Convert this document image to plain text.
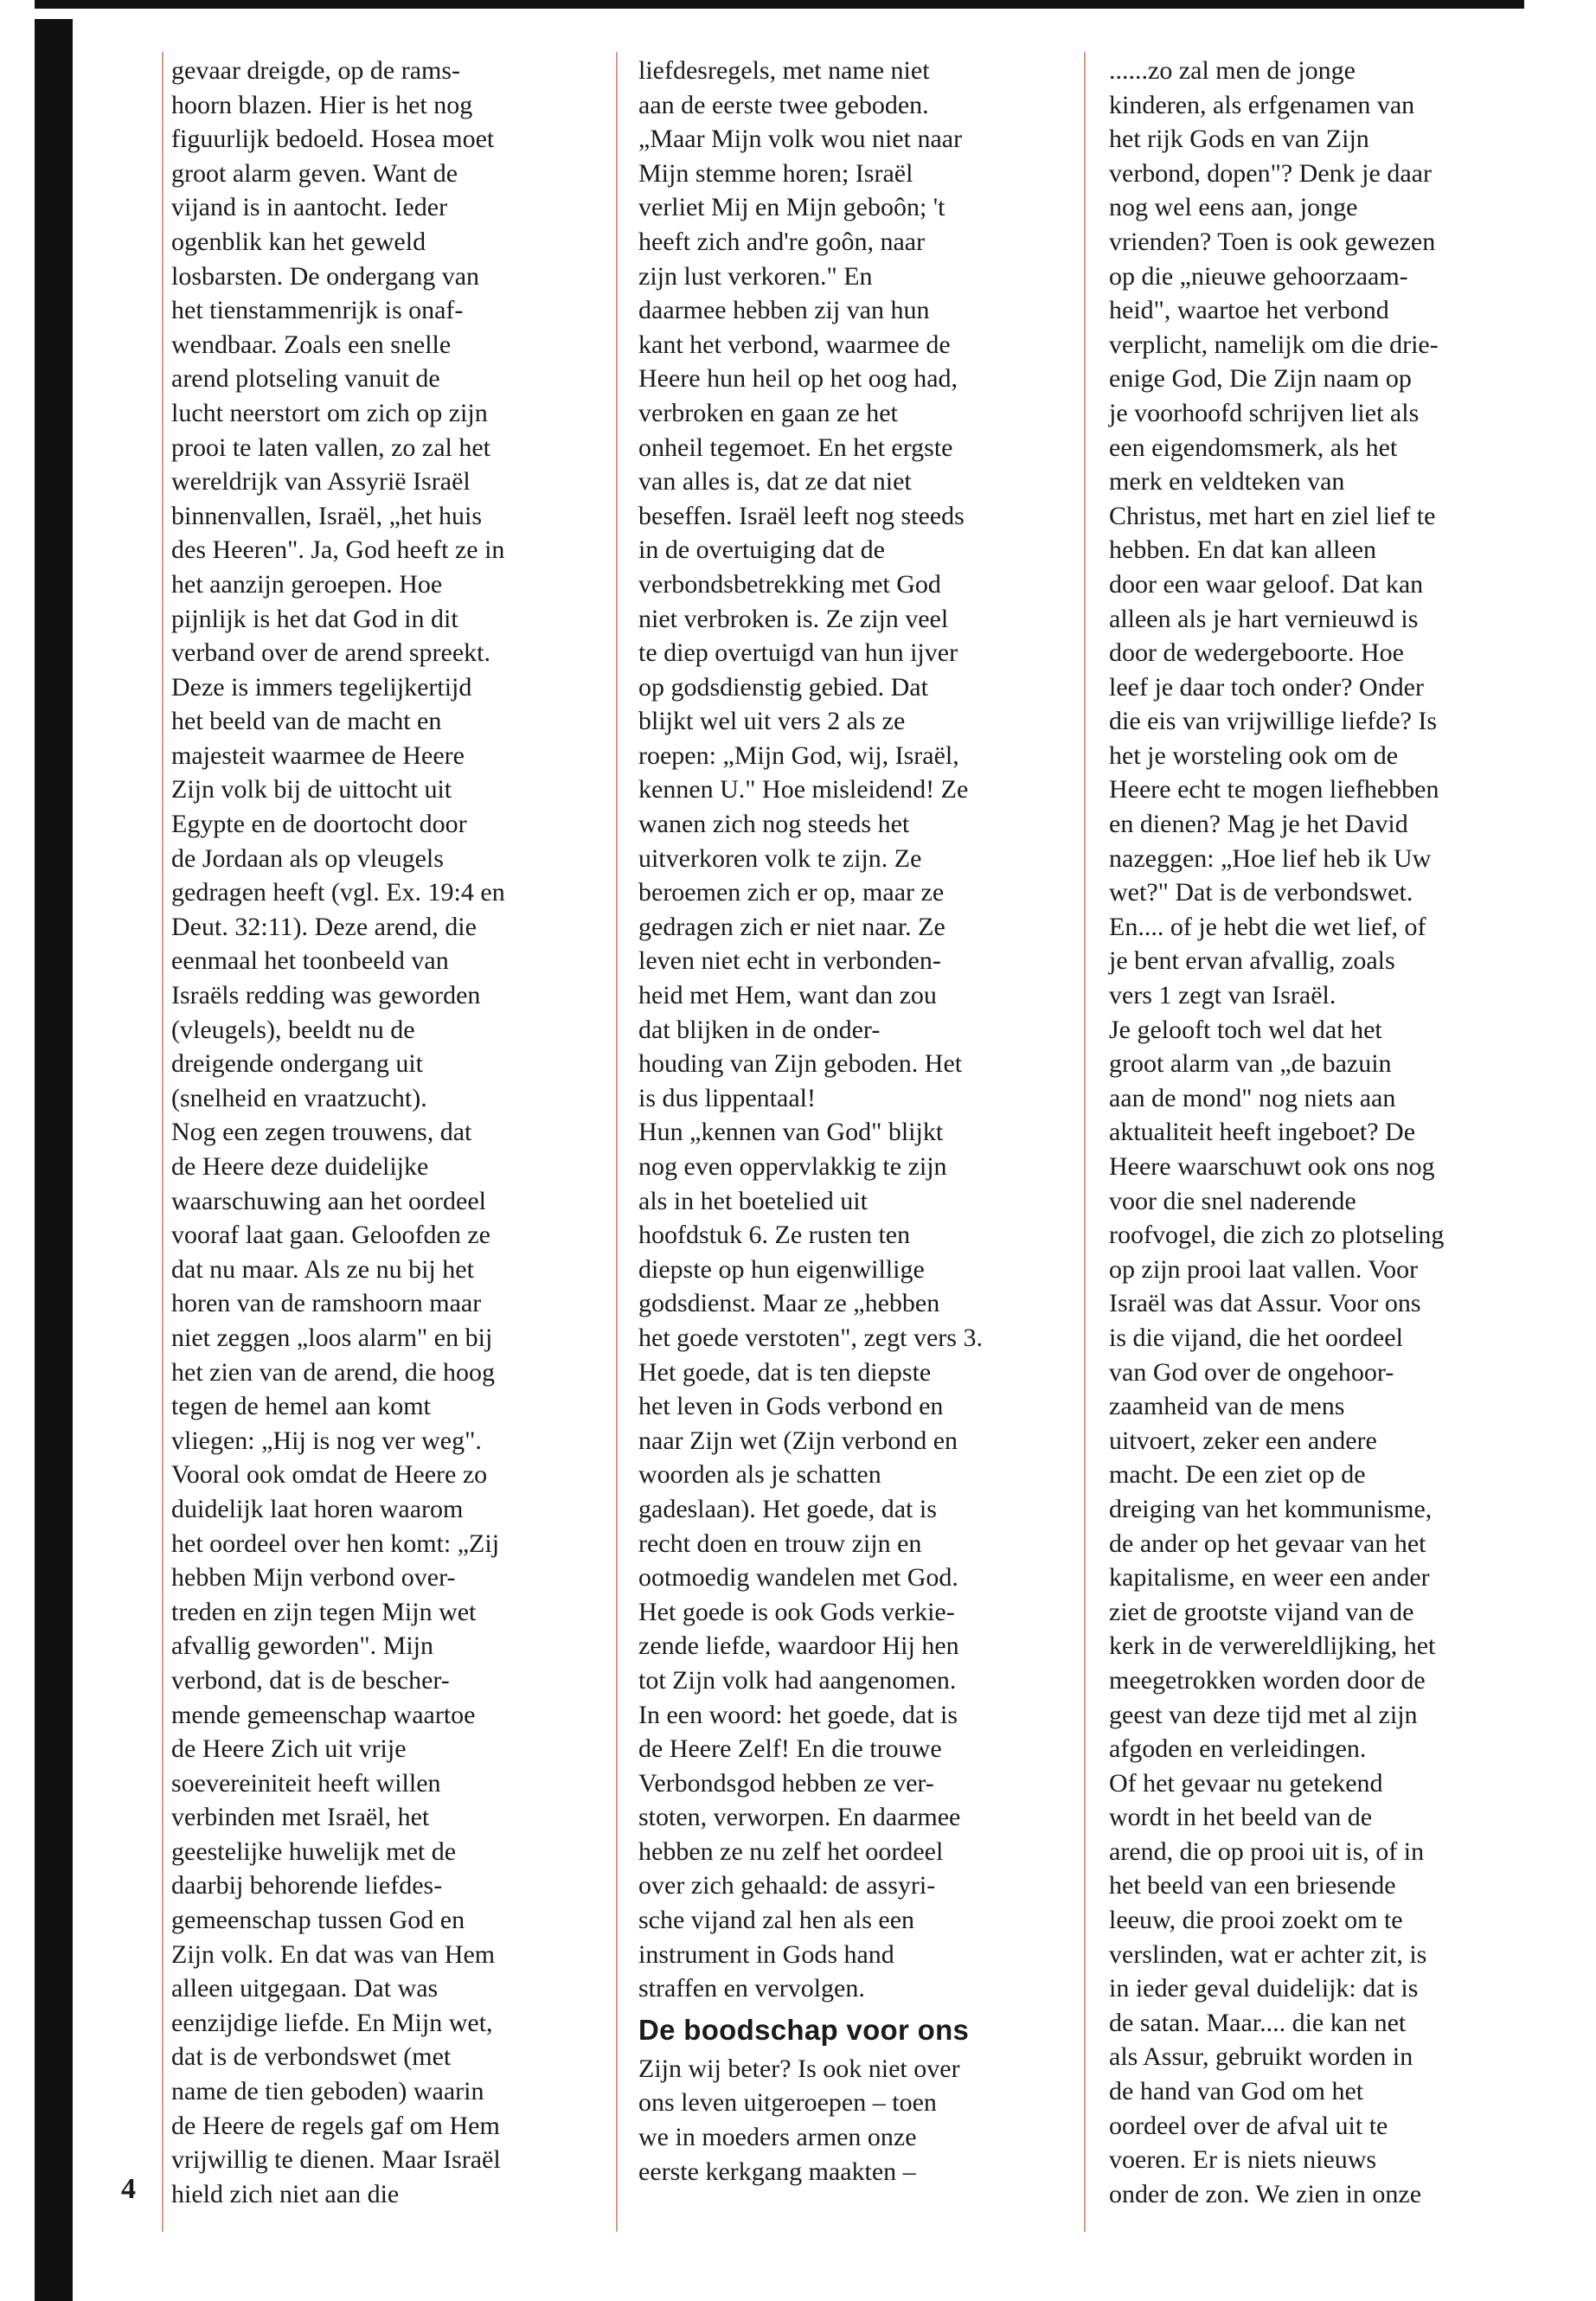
4
gevaar dreigde, op de rams-
hoorn blazen. Hier is het nog
figuurlijk bedoeld. Hosea moet
groot alarm geven. Want de
vijand is in aantocht. Ieder
ogenblik kan het geweld
losbarsten. De ondergang van
het tienstammenrijk is onaf-
wendbaar. Zoals een snelle
arend plotseling vanuit de
lucht neerstort om zich op zijn
prooi te laten vallen, zo zal het
wereldrijk van Assyrië Israël
binnenvallen, Israël, „het huis
des Heeren". Ja, God heeft ze in
het aanzijn geroepen. Hoe
pijnlijk is het dat God in dit
verband over de arend spreekt.
Deze is immers tegelijkertijd
het beeld van de macht en
majesteit waarmee de Heere
Zijn volk bij de uittocht uit
Egypte en de doortocht door
de Jordaan als op vleugels
gedragen heeft (vgl. Ex. 19:4 en
Deut. 32:11). Deze arend, die
eenmaal het toonbeeld van
Israëls redding was geworden
(vleugels), beeldt nu de
dreigende ondergang uit
(snelheid en vraatzucht).
Nog een zegen trouwens, dat
de Heere deze duidelijke
waarschuwing aan het oordeel
vooraf laat gaan. Geloofden ze
dat nu maar. Als ze nu bij het
horen van de ramshoorn maar
niet zeggen „loos alarm" en bij
het zien van de arend, die hoog
tegen de hemel aan komt
vliegen: „Hij is nog ver weg".
Vooral ook omdat de Heere zo
duidelijk laat horen waarom
het oordeel over hen komt: „Zij
hebben Mijn verbond over-
treden en zijn tegen Mijn wet
afvallig geworden". Mijn
verbond, dat is de bescher-
mende gemeenschap waartoe
de Heere Zich uit vrije
soevereiniteit heeft willen
verbinden met Israël, het
geestelijke huwelijk met de
daarbij behorende liefdes-
gemeenschap tussen God en
Zijn volk. En dat was van Hem
alleen uitgegaan. Dat was
eenzijdige liefde. En Mijn wet,
dat is de verbondswet (met
name de tien geboden) waarin
de Heere de regels gaf om Hem
vrijwillig te dienen. Maar Israël
hield zich niet aan die
liefdesregels, met name niet
aan de eerste twee geboden.
„Maar Mijn volk wou niet naar
Mijn stemme horen; Israël
verliet Mij en Mijn geboôn; 't
heeft zich and're goôn, naar
zijn lust verkoren." En
daarmee hebben zij van hun
kant het verbond, waarmee de
Heere hun heil op het oog had,
verbroken en gaan ze het
onheil tegemoet. En het ergste
van alles is, dat ze dat niet
beseffen. Israël leeft nog steeds
in de overtuiging dat de
verbondsbetrekking met God
niet verbroken is. Ze zijn veel
te diep overtuigd van hun ijver
op godsdienstig gebied. Dat
blijkt wel uit vers 2 als ze
roepen: „Mijn God, wij, Israël,
kennen U." Hoe misleidend! Ze
wanen zich nog steeds het
uitverkoren volk te zijn. Ze
beroemen zich er op, maar ze
gedragen zich er niet naar. Ze
leven niet echt in verbonden-
heid met Hem, want dan zou
dat blijken in de onder-
houding van Zijn geboden. Het
is dus lippentaal!
Hun „kennen van God" blijkt
nog even oppervlakkig te zijn
als in het boetelied uit
hoofdstuk 6. Ze rusten ten
diepste op hun eigenwillige
godsdienst. Maar ze „hebben
het goede verstoten", zegt vers 3.
Het goede, dat is ten diepste
het leven in Gods verbond en
naar Zijn wet (Zijn verbond en
woorden als je schatten
gadeslaan). Het goede, dat is
recht doen en trouw zijn en
ootmoedig wandelen met God.
Het goede is ook Gods verkie-
zende liefde, waardoor Hij hen
tot Zijn volk had aangenomen.
In een woord: het goede, dat is
de Heere Zelf! En die trouwe
Verbondsgod hebben ze ver-
stoten, verworpen. En daarmee
hebben ze nu zelf het oordeel
over zich gehaald: de assyri-
sche vijand zal hen als een
instrument in Gods hand
straffen en vervolgen.
De boodschap voor ons
Zijn wij beter? Is ook niet over
ons leven uitgeroepen – toen
we in moeders armen onze
eerste kerkgang maakten –
......zo zal men de jonge
kinderen, als erfgenamen van
het rijk Gods en van Zijn
verbond, dopen"? Denk je daar
nog wel eens aan, jonge
vrienden? Toen is ook gewezen
op die „nieuwe gehoorzaam-
heid", waartoe het verbond
verplicht, namelijk om die drie-
enige God, Die Zijn naam op
je voorhoofd schrijven liet als
een eigendomsmerk, als het
merk en veldteken van
Christus, met hart en ziel lief te
hebben. En dat kan alleen
door een waar geloof. Dat kan
alleen als je hart vernieuwd is
door de wedergeboorte. Hoe
leef je daar toch onder? Onder
die eis van vrijwillige liefde? Is
het je worsteling ook om de
Heere echt te mogen liefhebben
en dienen? Mag je het David
nazeggen: „Hoe lief heb ik Uw
wet?" Dat is de verbondswet.
En.... of je hebt die wet lief, of
je bent ervan afvallig, zoals
vers 1 zegt van Israël.
Je gelooft toch wel dat het
groot alarm van „de bazuin
aan de mond" nog niets aan
aktualiteit heeft ingeboet? De
Heere waarschuwt ook ons nog
voor die snel naderende
roofvogel, die zich zo plotseling
op zijn prooi laat vallen. Voor
Israël was dat Assur. Voor ons
is die vijand, die het oordeel
van God over de ongehoor-
zaamheid van de mens
uitvoert, zeker een andere
macht. De een ziet op de
dreiging van het kommunisme,
de ander op het gevaar van het
kapitalisme, en weer een ander
ziet de grootste vijand van de
kerk in de verwereldlijking, het
meegetrokken worden door de
geest van deze tijd met al zijn
afgoden en verleidingen.
Of het gevaar nu getekend
wordt in het beeld van de
arend, die op prooi uit is, of in
het beeld van een briesende
leeuw, die prooi zoekt om te
verslinden, wat er achter zit, is
in ieder geval duidelijk: dat is
de satan. Maar.... die kan net
als Assur, gebruikt worden in
de hand van God om het
oordeel over de afval uit te
voeren. Er is niets nieuws
onder de zon. We zien in onze
